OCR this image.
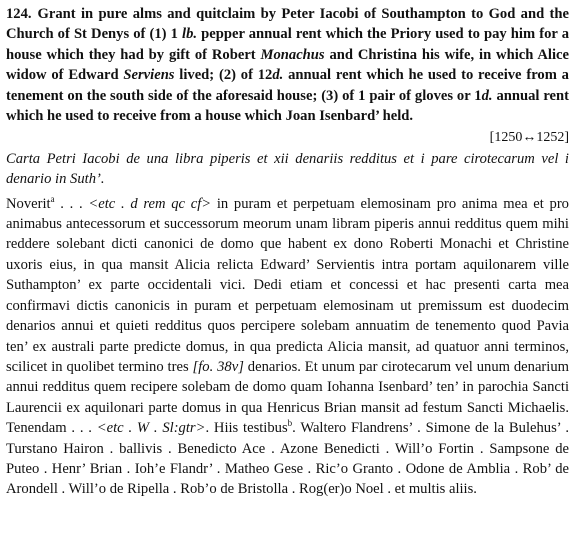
124. Grant in pure alms and quitclaim by Peter Iacobi of Southampton to God and the Church of St Denys of (1) 1 lb. pepper annual rent which the Priory used to pay him for a house which they had by gift of Robert Monachus and Christina his wife, in which Alice widow of Edward Serviens lived; (2) of 12d. annual rent which he used to receive from a tenement on the south side of the aforesaid house; (3) of 1 pair of gloves or 1d. annual rent which he used to receive from a house which Joan Isenbard’ held.

[1250↔1252]

Carta Petri Iacobi de una libra piperis et xii denariis redditus et i pare cirotecarum vel i denario in Suth’.

Noverit$^a$ . . . <etc . d rem qc cf> in puram et perpetuam elemosinam pro anima mea et pro animabus antecessorum et successorum meorum unam libram piperis annui redditus quem mihi reddere solebant dicti canonici de domo que habent ex dono Roberti Monachi et Christine uxoris eius, in qua mansit Alicia relicta Edward’ Servientis intra portam aquilonarem ville Suthampton’ ex parte occidentali vici. Dedi etiam et concessi et hac presenti carta mea confirmavi dictis canonicis in puram et perpetuam elemosinam ut premissum est duodecim denarios annui et quieti redditus quos percipere solebam annuatim de tenemento quod Pavia ten’ ex australi parte predicte domus, in qua predicta Alicia mansit, ad quatuor anni terminos, scilicet in quolibet termino tres [fo. 38v] denarios. Et unum par cirotecarum vel unum denarium annui redditus quem recipere solebam de domo quam Iohanna Isenbard’ ten’ in parochia Sancti Laurencii ex aquilonari parte domus in qua Henricus Brian mansit ad festum Sancti Michaelis. Tenendam . . . <etc . W . Sl:gtr>. Hiis testibus$^b$. Waltero Flandrens’ . Simone de la Bulehus’ . Turstano Hairon . ballivis . Benedicto Ace . Azone Benedicti . Will’o Fortin . Sampsone de Puteo . Henr’ Brian . Ioh’e Flandr’ . Matheo Gese . Ric’o Granto . Odone de Amblia . Rob’ de Arondell . Will’o de Ripella . Rob’o de Bristolla . Rog(er)o Noel . et multis aliis.
